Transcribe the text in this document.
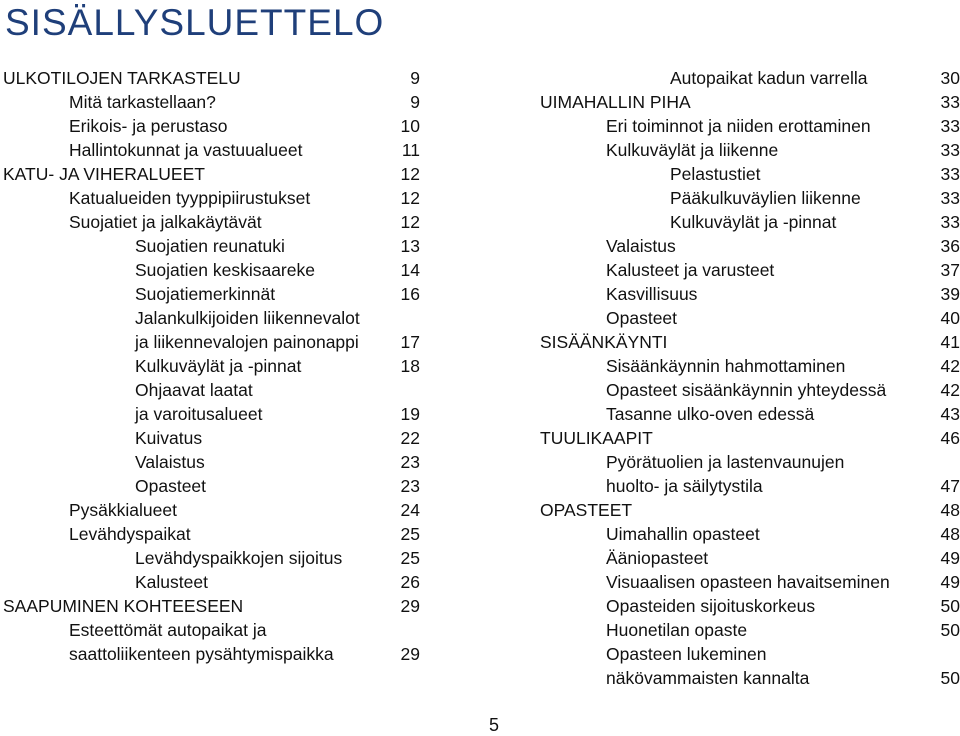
SISÄLLYSLUETTELO
ULKOTILOJEN TARKASTELU	9
Mitä tarkastellaan?	9
Erikois- ja perustaso	10
Hallintokunnat ja vastuualueet	11
KATU- JA VIHERALUEET	12
Katualueiden tyyppipiirustukset	12
Suojatiet ja jalkakäytävät	12
Suojatien reunatuki	13
Suojatien keskisaareke	14
Suojatiemerkinnät	16
Jalankulkijoiden liikennevalot
ja liikennevalojen painonappi 17
Kulkuväylät ja -pinnat	18
Ohjaavat laatat
ja varoitusalueet	19
Kuivatus	22
Valaistus	23
Opasteet	23
Pysäkkialueet	24
Levähdyspaikat	25
Levähdyspaikkojen sijoitus	25
Kalusteet	26
SAAPUMINEN KOHTEESEEN	29
Esteettömät autopaikat ja
saattoliikenteen pysähtymispaikka	29
Autopaikat kadun varrella	30
UIMAHALLIN PIHA	33
Eri toiminnot ja niiden erottaminen	33
Kulkuväylät ja liikenne	33
Pelastustiet	33
Pääkulkuväylien liikenne	33
Kulkuväylät ja -pinnat	33
Valaistus	36
Kalusteet ja varusteet	37
Kasvillisuus	39
Opasteet	40
SISÄÄNKÄYNTI	41
Sisäänkäynnin hahmottaminen	42
Opasteet sisäänkäynnin yhteydessä	42
Tasanne ulko-oven edessä	43
TUULIKAAPIT	46
Pyörätuolien ja lastenvaunujen
huolto- ja säilytystila	47
OPASTEET	48
Uimahallin opasteet	48
Ääniopasteet	49
Visuaalisen opasteen havaitseminen	49
Opasteiden sijoituskorkeus	50
Huonetilan opaste	50
Opasteen lukeminen
näkövammaisten kannalta	50
5
